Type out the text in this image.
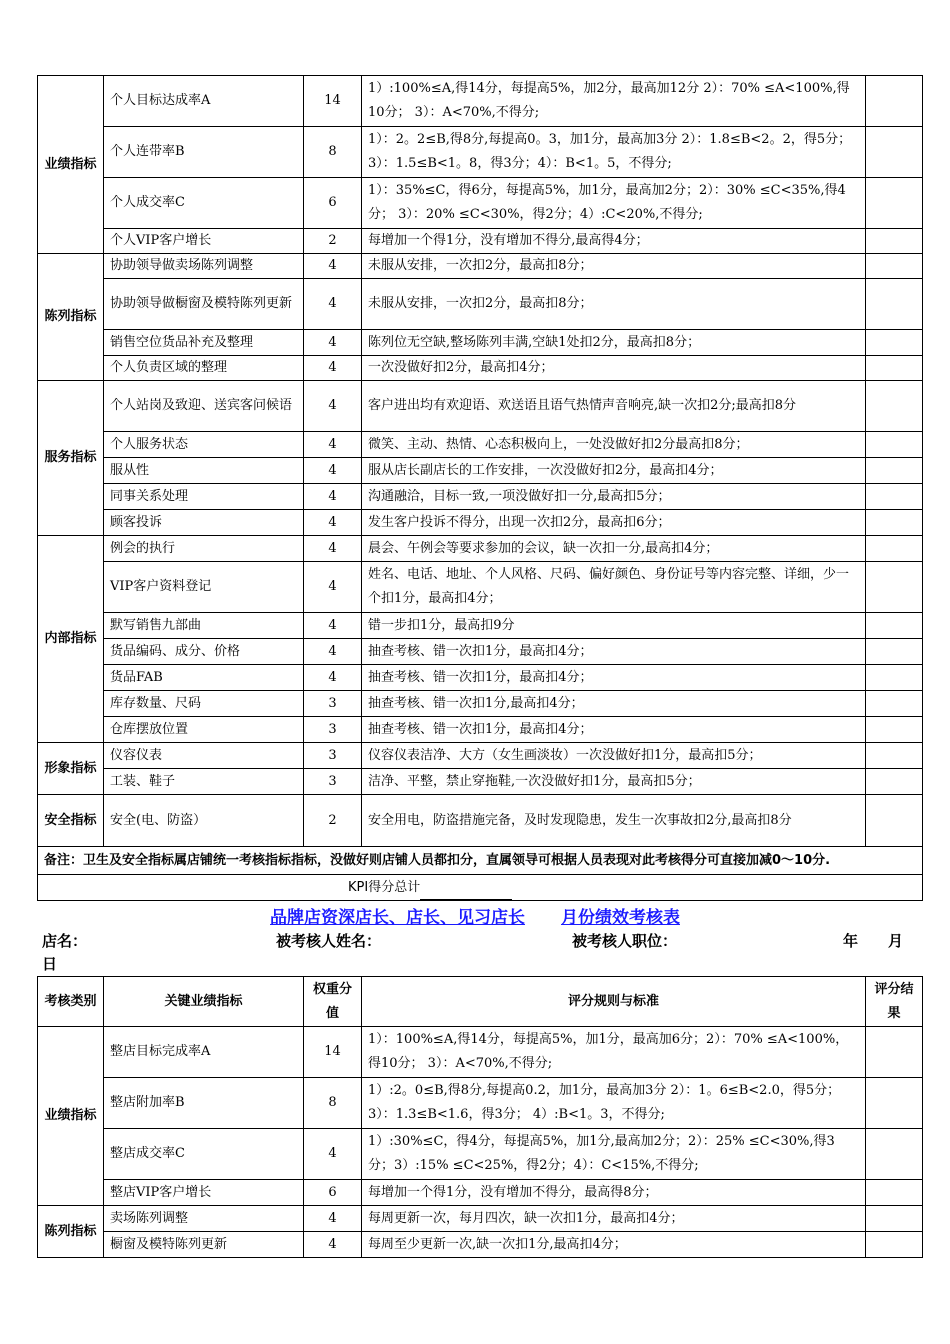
业绩指标	个人目标达成率A	14	1）:100%≤A,得14分，每提高5%，加2分，最高加12分 2）：70% ≤A<100%,得10分； 3）：A<70%,不得分;	
	个人连带率B	8	1）：2。2≤B,得8分,每提高0。3，加1分，最高加3分 2）：1.8≤B<2。2，得5分； 3）：1.5≤B<1。8，得3分；4）：B<1。5，不得分;	
	个人成交率C	6	1）：35%≤C，得6分，每提高5%，加1分，最高加2分；2）：30% ≤C<35%,得4分； 3）：20% ≤C<30%，得2分；4）:C<20%,不得分;	
	个人VIP客户增长	2	每增加一个得1分，没有增加不得分,最高得4分；	
陈列指标	协助领导做卖场陈列调整	4	未服从安排，一次扣2分，最高扣8分；	
	协助领导做橱窗及模特陈列更新	4	未服从安排，一次扣2分，最高扣8分；	
	销售空位货品补充及整理	4	陈列位无空缺,整场陈列丰满,空缺1处扣2分，最高扣8分；	
	个人负责区域的整理	4	一次没做好扣2分，最高扣4分；	
服务指标	个人站岗及致迎、送宾客问候语	4	客户进出均有欢迎语、欢送语且语气热情声音响亮,缺一次扣2分;最高扣8分	
	个人服务状态	4	微笑、主动、热情、心态积极向上，一处没做好扣2分最高扣8分；	
	服从性	4	服从店长副店长的工作安排，一次没做好扣2分，最高扣4分；	
	同事关系处理	4	沟通融洽，目标一致,一项没做好扣一分,最高扣5分；	
	顾客投诉	4	发生客户投诉不得分，出现一次扣2分，最高扣6分；	
内部指标	例会的执行	4	晨会、午例会等要求参加的会议，缺一次扣一分,最高扣4分；	
	VIP客户资料登记	4	姓名、电话、地址、个人风格、尺码、偏好颜色、身份证号等内容完整、详细，少一个扣1分，最高扣4分；	
	默写销售九部曲	4	错一步扣1分，最高扣9分	
	货品编码、成分、价格	4	抽查考核、错一次扣1分，最高扣4分；	
	货品FAB	4	抽查考核、错一次扣1分，最高扣4分；	
	库存数量、尺码	3	抽查考核、错一次扣1分,最高扣4分；	
	仓库摆放位置	3	抽查考核、错一次扣1分，最高扣4分；	
形象指标	仪容仪表	3	仪容仪表洁净、大方（女生画淡妆）一次没做好扣1分，最高扣5分；	
	工装、鞋子	3	洁净、平整，禁止穿拖鞋,一次没做好扣1分，最高扣5分；	
安全指标	安全(电、防盗）	2	安全用电，防盗措施完备，及时发现隐患，发生一次事故扣2分,最高扣8分	
备注：卫生及安全指标属店铺统一考核指标指标，没做好则店铺人员都扣分，直属领导可根据人员表现对此考核得分可直接加减0～10分.				
KPI得分总计				
品牌店资深店长、店长、见习店长 月份绩效考核表
店名：	被考核人姓名：	被考核人职位：	年 月
日
考核类别	关键业绩指标	权重分值	评分规则与标准	评分结果
业绩指标	整店目标完成率A	14	1）：100%≤A,得14分，每提高5%，加1分，最高加6分；2）：70% ≤A<100%，得10分； 3）：A<70%,不得分;	
	整店附加率B	8	1）:2。0≤B,得8分,每提高0.2，加1分，最高加3分 2）：1。6≤B<2.0，得5分； 3）：1.3≤B<1.6，得3分； 4）:B<1。3，不得分;	
	整店成交率C	4	1）:30%≤C，得4分，每提高5%，加1分,最高加2分；2）：25% ≤C<30%,得3分；3）:15% ≤C<25%，得2分；4）：C<15%,不得分;	
	整店VIP客户增长	6	每增加一个得1分，没有增加不得分，最高得8分；	
陈列指标	卖场陈列调整	4	每周更新一次，每月四次，缺一次扣1分，最高扣4分；	
	橱窗及模特陈列更新	4	每周至少更新一次,缺一次扣1分,最高扣4分；	
